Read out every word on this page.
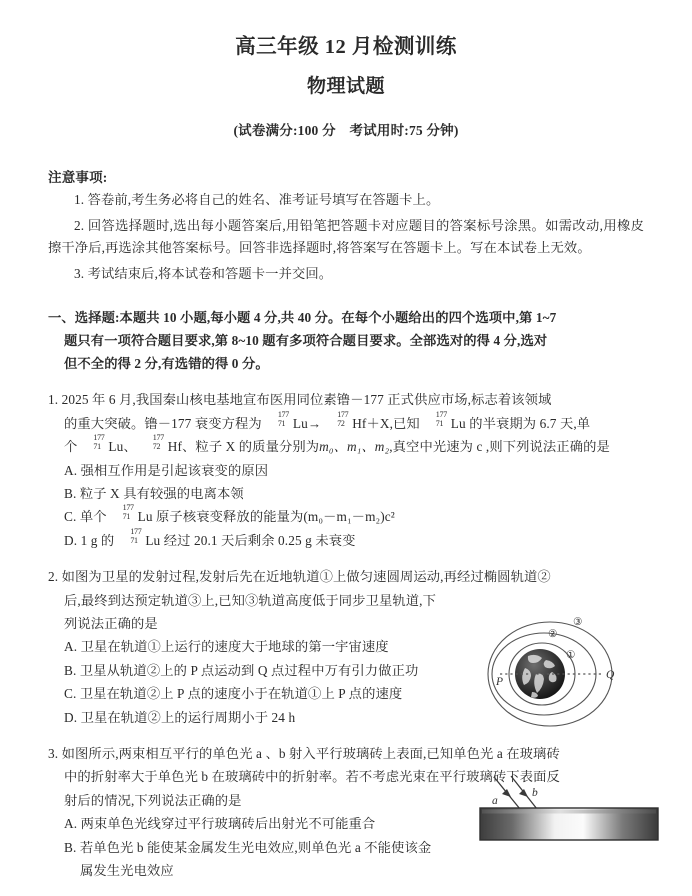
高三年级 12 月检测训练
物理试题
(试卷满分:100 分　考试用时:75 分钟)
注意事项:
1. 答卷前,考生务必将自己的姓名、准考证号填写在答题卡上。
2. 回答选择题时,选出每小题答案后,用铅笔把答题卡对应题目的答案标号涂黑。如需改动,用橡皮擦干净后,再选涂其他答案标号。回答非选择题时,将答案写在答题卡上。写在本试卷上无效。
3. 考试结束后,将本试卷和答题卡一并交回。
一、选择题:本题共 10 小题,每小题 4 分,共 40 分。在每个小题给出的四个选项中,第 1~7
题只有一项符合题目要求,第 8~10 题有多项符合题目要求。全部选对的得 4 分,选对
但不全的得 2 分,有选错的得 0 分。
1. 2025 年 6 月,我国秦山核电基地宣布医用同位素镥－177 正式供应市场,标志着该领域
的重大突破。镥－177 衰变方程为
177
71 Lu→
177
72 Hf＋X,已知
177
71 Lu 的半衰期为 6.7 天,单
个
177
71 Lu、
177
72 Hf、粒子 X 的质量分别为m₀、m₁、m₂,真空中光速为 c ,则下列说法正确的是
A. 强相互作用是引起该衰变的原因
B. 粒子 X 具有较强的电离本领
C. 单个
177
71 Lu 原子核衰变释放的能量为(m₀－m₁－m₂)c²
D. 1 g 的
177
71 Lu 经过 20.1 天后剩余 0.25 g 未衰变
2. 如图为卫星的发射过程,发射后先在近地轨道①上做匀速圆周运动,再经过椭圆轨道②
后,最终到达预定轨道③上,已知③轨道高度低于同步卫星轨道,下
列说法正确的是
A. 卫星在轨道①上运行的速度大于地球的第一宇宙速度
B. 卫星从轨道②上的 P 点运动到 Q 点过程中万有引力做正功
C. 卫星在轨道②上 P 点的速度小于在轨道①上 P 点的速度
D. 卫星在轨道②上的运行周期小于 24 h
3. 如图所示,两束相互平行的单色光 a 、b 射入平行玻璃砖上表面,已知单色光 a 在玻璃砖
中的折射率大于单色光 b 在玻璃砖中的折射率。若不考虑光束在平行玻璃砖下表面反
射后的情况,下列说法正确的是
A. 两束单色光线穿过平行玻璃砖后出射光不可能重合
B. 若单色光 b 能使某金属发生光电效应,则单色光 a 不能使该金
属发生光电效应
P
Q
①
②
③
a
b
